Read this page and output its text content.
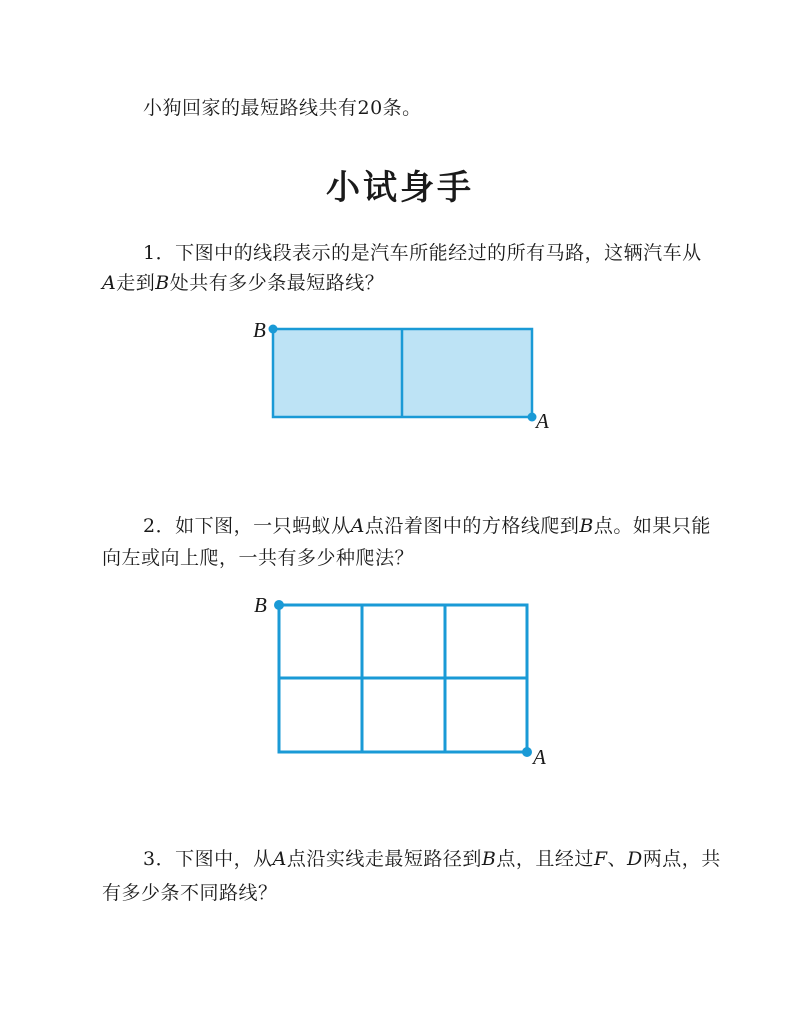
小狗回家的最短路线共有20条。
小试身手
1．下图中的线段表示的是汽车所能经过的所有马路，这辆汽车从
A走到B处共有多少条最短路线？
B
A
2．如下图，一只蚂蚁从A点沿着图中的方格线爬到B点。如果只能
向左或向上爬，一共有多少种爬法？
B
A
3．下图中，从A点沿实线走最短路径到B点，且经过F、D两点，共
有多少条不同路线？
